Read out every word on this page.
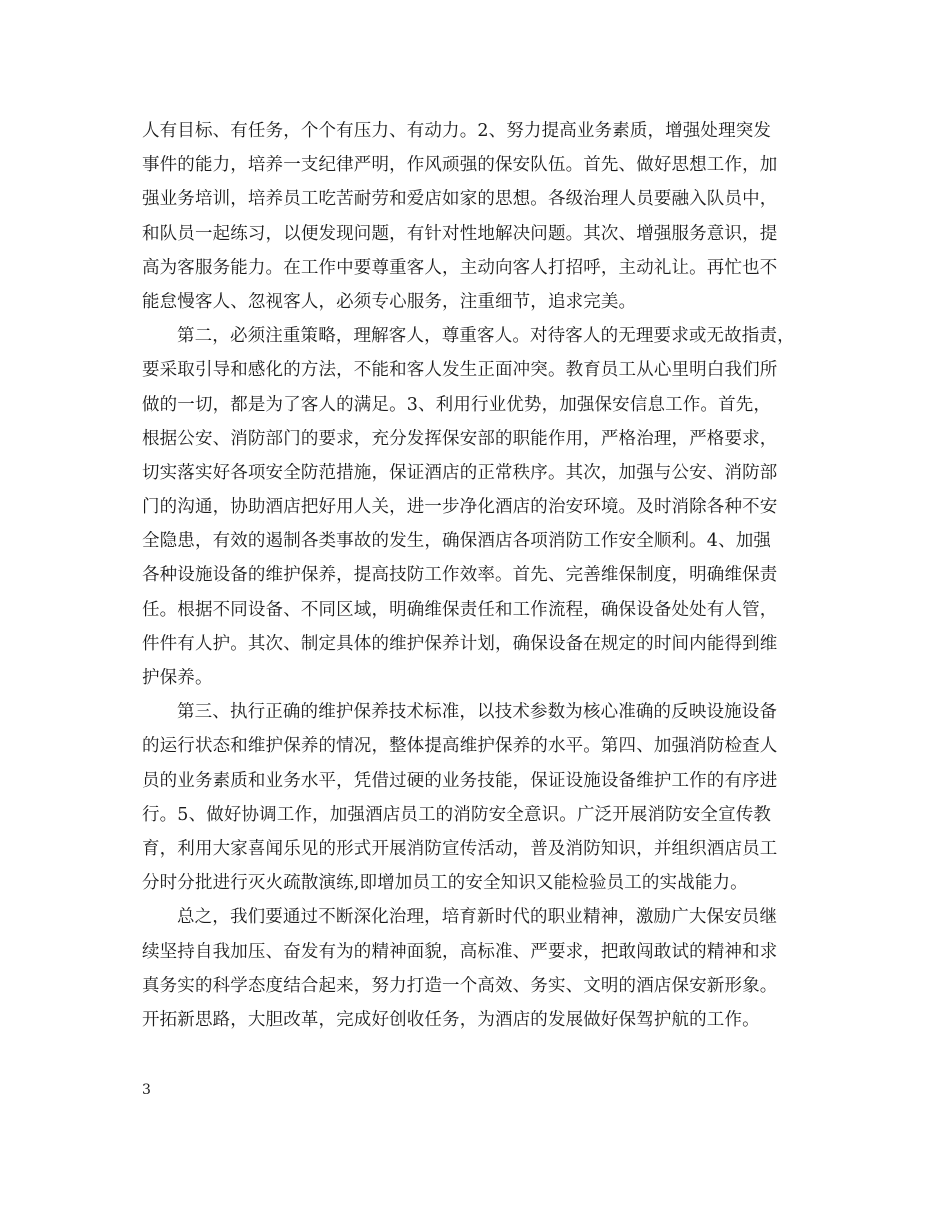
人有目标、有任务，个个有压力、有动力。2、努力提高业务素质，增强处理突发
事件的能力，培养一支纪律严明，作风顽强的保安队伍。首先、做好思想工作，加
强业务培训，培养员工吃苦耐劳和爱店如家的思想。各级治理人员要融入队员中，
和队员一起练习，以便发现问题，有针对性地解决问题。其次、增强服务意识，提
高为客服务能力。在工作中要尊重客人，主动向客人打招呼，主动礼让。再忙也不
能怠慢客人、忽视客人，必须专心服务，注重细节，追求完美。
第二，必须注重策略，理解客人，尊重客人。对待客人的无理要求或无故指责，
要采取引导和感化的方法，不能和客人发生正面冲突。教育员工从心里明白我们所
做的一切，都是为了客人的满足。3、利用行业优势，加强保安信息工作。首先，
根据公安、消防部门的要求，充分发挥保安部的职能作用，严格治理，严格要求，
切实落实好各项安全防范措施，保证酒店的正常秩序。其次，加强与公安、消防部
门的沟通，协助酒店把好用人关，进一步净化酒店的治安环境。及时消除各种不安
全隐患，有效的遏制各类事故的发生，确保酒店各项消防工作安全顺利。4、加强
各种设施设备的维护保养，提高技防工作效率。首先、完善维保制度，明确维保责
任。根据不同设备、不同区域，明确维保责任和工作流程，确保设备处处有人管，
件件有人护。其次、制定具体的维护保养计划，确保设备在规定的时间内能得到维
护保养。
第三、执行正确的维护保养技术标准，以技术参数为核心准确的反映设施设备
的运行状态和维护保养的情况，整体提高维护保养的水平。第四、加强消防检查人
员的业务素质和业务水平，凭借过硬的业务技能，保证设施设备维护工作的有序进
行。5、做好协调工作，加强酒店员工的消防安全意识。广泛开展消防安全宣传教
育，利用大家喜闻乐见的形式开展消防宣传活动，普及消防知识，并组织酒店员工
分时分批进行灭火疏散演练,即增加员工的安全知识又能检验员工的实战能力。
总之，我们要通过不断深化治理，培育新时代的职业精神，激励广大保安员继
续坚持自我加压、奋发有为的精神面貌，高标准、严要求，把敢闯敢试的精神和求
真务实的科学态度结合起来，努力打造一个高效、务实、文明的酒店保安新形象。
开拓新思路，大胆改革，完成好创收任务，为酒店的发展做好保驾护航的工作。
3
